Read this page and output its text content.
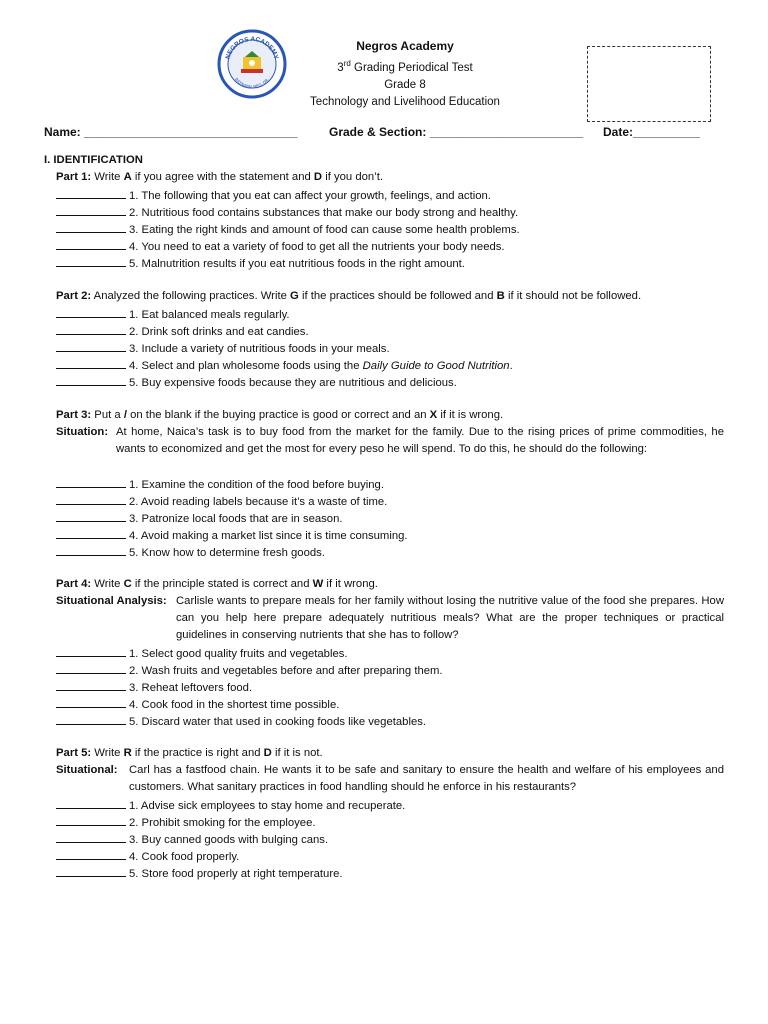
NEGROS ACADEMY
BAYAWAN, NEG. OR.
Negros Academy
3rd Grading Periodical Test
Grade 8
Technology and Livelihood Education
Name: ________________________________	Grade & Section: _______________________ Date:__________
I. IDENTIFICATION
Part 1: Write A if you agree with the statement and D if you don’t.
1. The following that you eat can affect your growth, feelings, and action.
2. Nutritious food contains substances that make our body strong and healthy.
3. Eating the right kinds and amount of food can cause some health problems.
4. You need to eat a variety of food to get all the nutrients your body needs.
5. Malnutrition results if you eat nutritious foods in the right amount.
Part 2: Analyzed the following practices. Write G if the practices should be followed and B if it should not be followed.
1. Eat balanced meals regularly.
2. Drink soft drinks and eat candies.
3. Include a variety of nutritious foods in your meals.
4. Select and plan wholesome foods using the Daily Guide to Good Nutrition.
5. Buy expensive foods because they are nutritious and delicious.
Part 3: Put a / on the blank if the buying practice is good or correct and an X if it is wrong.
Situation: At home, Naica’s task is to buy food from the market for the family. Due to the rising prices of prime commodities, he wants to economized and get the most for every peso he will spend. To do this, he should do the following:
1. Examine the condition of the food before buying.
2. Avoid reading labels because it’s a waste of time.
3. Patronize local foods that are in season.
4. Avoid making a market list since it is time consuming.
5. Know how to determine fresh goods.
Part 4: Write C if the principle stated is correct and W if it wrong.
Situational Analysis: Carlisle wants to prepare meals for her family without losing the nutritive value of the food she prepares. How can you help here prepare adequately nutritious meals? What are the proper techniques or practical guidelines in conserving nutrients that she has to follow?
1. Select good quality fruits and vegetables.
2. Wash fruits and vegetables before and after preparing them.
3. Reheat leftovers food.
4. Cook food in the shortest time possible.
5. Discard water that used in cooking foods like vegetables.
Part 5: Write R if the practice is right and D if it is not.
Situational:	Carl has a fastfood chain. He wants it to be safe and sanitary to ensure the health and welfare of his employees and customers. What sanitary practices in food handling should he enforce in his restaurants?
1. Advise sick employees to stay home and recuperate.
2. Prohibit smoking for the employee.
3. Buy canned goods with bulging cans.
4. Cook food properly.
5. Store food properly at right temperature.
